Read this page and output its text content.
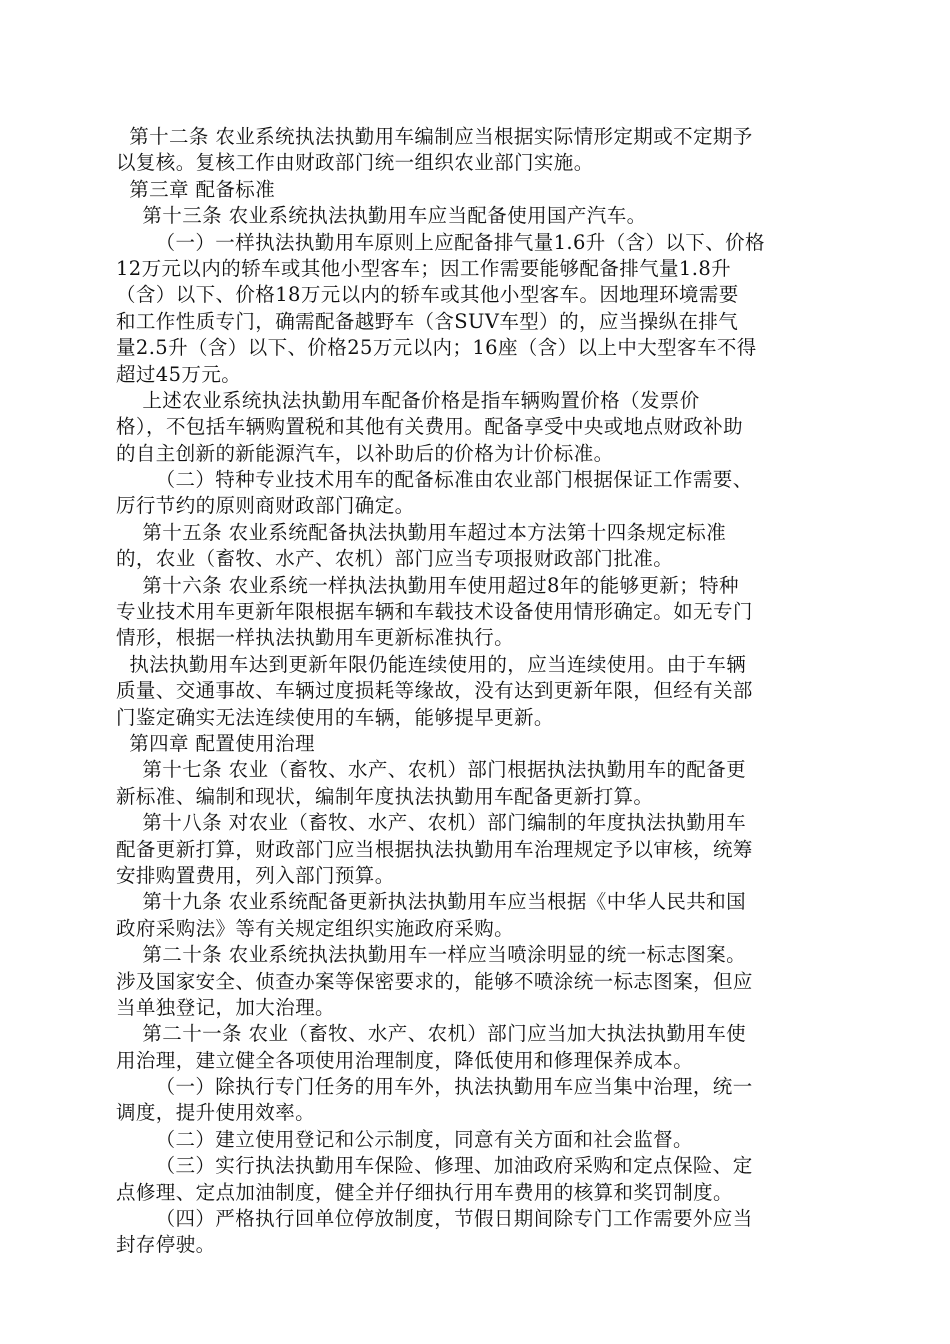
第十二条 农业系统执法执勤用车编制应当根据实际情形定期或不定期予
以复核。复核工作由财政部门统一组织农业部门实施。
第三章 配备标准
第十三条 农业系统执法执勤用车应当配备使用国产汽车。
（一）一样执法执勤用车原则上应配备排气量1.6升（含）以下、价格
12万元以内的轿车或其他小型客车；因工作需要能够配备排气量1.8升
（含）以下、价格18万元以内的轿车或其他小型客车。因地理环境需要
和工作性质专门，确需配备越野车（含SUV车型）的，应当操纵在排气
量2.5升（含）以下、价格25万元以内；16座（含）以上中大型客车不得
超过45万元。
上述农业系统执法执勤用车配备价格是指车辆购置价格（发票价
格），不包括车辆购置税和其他有关费用。配备享受中央或地点财政补助
的自主创新的新能源汽车，以补助后的价格为计价标准。
（二）特种专业技术用车的配备标准由农业部门根据保证工作需要、
厉行节约的原则商财政部门确定。
第十五条 农业系统配备执法执勤用车超过本方法第十四条规定标准
的，农业（畜牧、水产、农机）部门应当专项报财政部门批准。
第十六条 农业系统一样执法执勤用车使用超过8年的能够更新；特种
专业技术用车更新年限根据车辆和车载技术设备使用情形确定。如无专门
情形，根据一样执法执勤用车更新标准执行。
执法执勤用车达到更新年限仍能连续使用的，应当连续使用。由于车辆
质量、交通事故、车辆过度损耗等缘故，没有达到更新年限，但经有关部
门鉴定确实无法连续使用的车辆，能够提早更新。
第四章 配置使用治理
第十七条 农业（畜牧、水产、农机）部门根据执法执勤用车的配备更
新标准、编制和现状，编制年度执法执勤用车配备更新打算。
第十八条 对农业（畜牧、水产、农机）部门编制的年度执法执勤用车
配备更新打算，财政部门应当根据执法执勤用车治理规定予以审核，统筹
安排购置费用，列入部门预算。
第十九条 农业系统配备更新执法执勤用车应当根据《中华人民共和国
政府采购法》等有关规定组织实施政府采购。
第二十条 农业系统执法执勤用车一样应当喷涂明显的统一标志图案。
涉及国家安全、侦查办案等保密要求的，能够不喷涂统一标志图案，但应
当单独登记，加大治理。
第二十一条 农业（畜牧、水产、农机）部门应当加大执法执勤用车使
用治理，建立健全各项使用治理制度，降低使用和修理保养成本。
（一）除执行专门任务的用车外，执法执勤用车应当集中治理，统一
调度，提升使用效率。
（二）建立使用登记和公示制度，同意有关方面和社会监督。
（三）实行执法执勤用车保险、修理、加油政府采购和定点保险、定
点修理、定点加油制度，健全并仔细执行用车费用的核算和奖罚制度。
（四）严格执行回单位停放制度，节假日期间除专门工作需要外应当
封存停驶。
